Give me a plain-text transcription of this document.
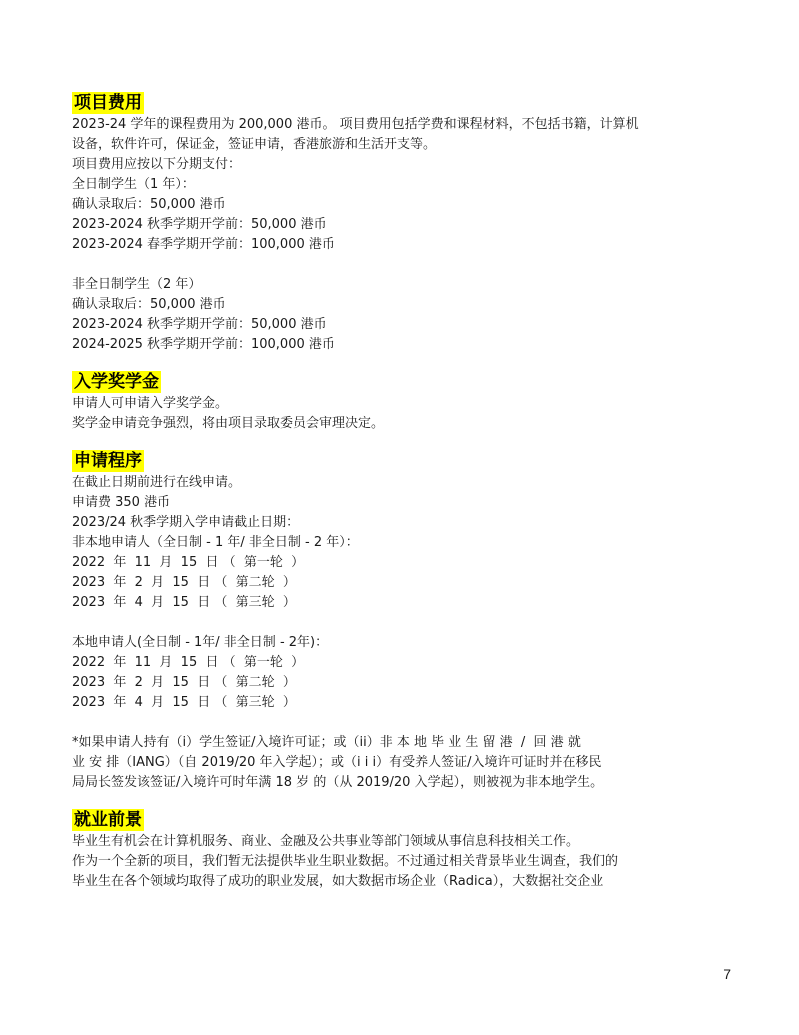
项目费用

2023-24 学年的课程费用为 200,000 港币。 项目费用包括学费和课程材料，不包括书籍，计算机

设备，软件许可，保证金，签证申请，香港旅游和生活开支等。

项目费用应按以下分期支付：

全日制学生（1 年）：

确认录取后：50,000 港币

2023-2024 秋季学期开学前：50,000 港币

2023-2024 春季学期开学前：100,000 港币

非全日制学生（2 年）

确认录取后：50,000 港币

2023-2024 秋季学期开学前：50,000 港币

2024-2025 秋季学期开学前：100,000 港币

入学奖学金

申请人可申请入学奖学金。

奖学金申请竞争强烈，将由项目录取委员会审理决定。

申请程序

在截止日期前进行在线申请。

申请费 350 港币

2023/24 秋季学期入学申请截止日期：

非本地申请人（全日制 - 1 年/ 非全日制 - 2 年）：

2022  年  11  月  15  日 （  第一轮  ）

2023  年  2  月  15  日 （  第二轮  ）

2023  年  4  月  15  日 （  第三轮  ）

本地申请人(全日制 - 1年/ 非全日制 - 2年)：

2022  年  11  月  15  日 （  第一轮  ）

2023  年  2  月  15  日 （  第二轮  ）

2023  年  4  月  15  日 （  第三轮  ）

*如果申请人持有（i）学生签证/入境许可证；或（ii）非 本 地 毕 业 生 留 港  /  回 港 就

业 安 排（IANG）（自 2019/20 年入学起）；或（i i i）有受养人签证/入境许可证时并在移民

局局长签发该签证/入境许可时年满 18 岁 的（从 2019/20 入学起），则被视为非本地学生。

就业前景

毕业生有机会在计算机服务、商业、金融及公共事业等部门领域从事信息科技相关工作。

作为一个全新的项目，我们暂无法提供毕业生职业数据。不过通过相关背景毕业生调查，我们的

毕业生在各个领域均取得了成功的职业发展，如大数据市场企业（Radica），大数据社交企业

7
